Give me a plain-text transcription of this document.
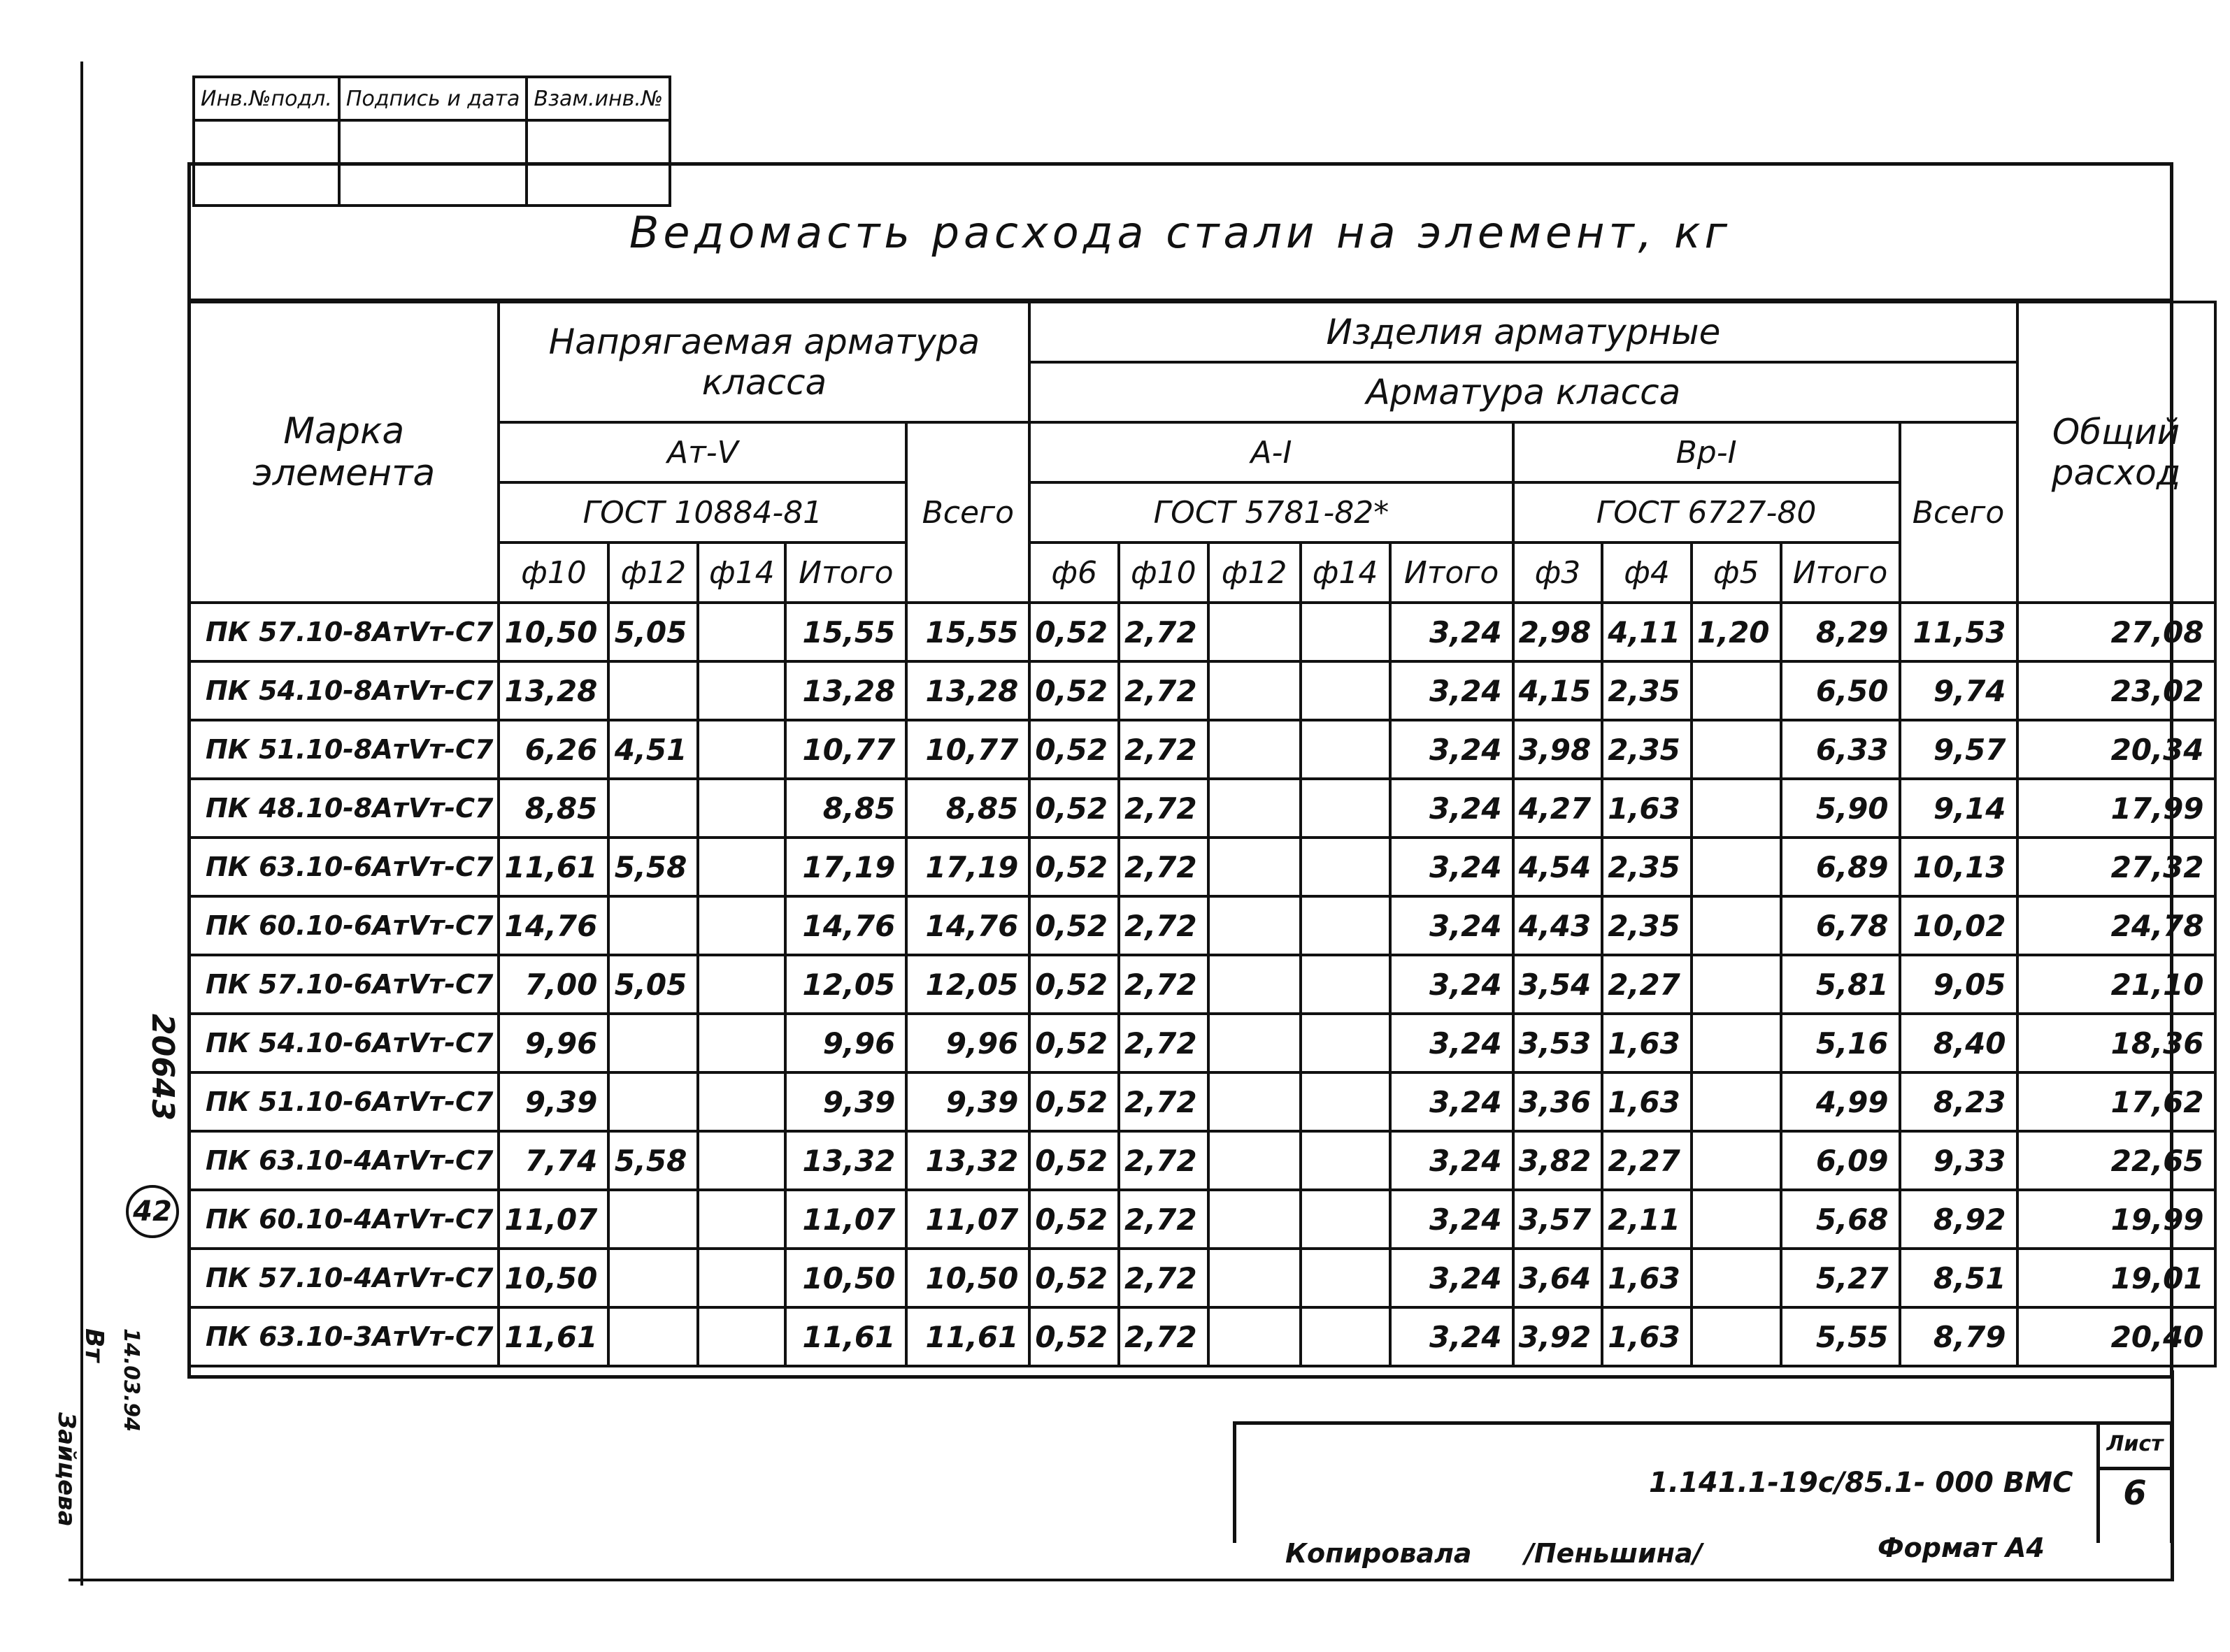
Инв.№подл.	Подпись и дата	Взам.инв.№

Ведомасть расхода стали на элемент, кг
Марка элемента	Напрягаемая арматура класса					Изделия арматурные										Общий расход
						Арматура класса										
	Ат-Ⅴ				Всего	А-Ⅰ					Вр-Ⅰ				Всего	
	ГОСТ 10884-81					ГОСТ 5781-82*					ГОСТ 6727-80					
	ф10	ф12	ф14	Итого		ф6	ф10	ф12	ф14	Итого	ф3	ф4	ф5	Итого		
ПК 57.10-8АтⅤт-С7	10,50	5,05		15,55	15,55	0,52	2,72			3,24	2,98	4,11	1,20	8,29	11,53	27,08
ПК 54.10-8АтⅤт-С7	13,28			13,28	13,28	0,52	2,72			3,24	4,15	2,35		6,50	9,74	23,02
ПК 51.10-8АтⅤт-С7	6,26	4,51		10,77	10,77	0,52	2,72			3,24	3,98	2,35		6,33	9,57	20,34
ПК 48.10-8АтⅤт-С7	8,85			8,85	8,85	0,52	2,72			3,24	4,27	1,63		5,90	9,14	17,99
ПК 63.10-6АтⅤт-С7	11,61	5,58		17,19	17,19	0,52	2,72			3,24	4,54	2,35		6,89	10,13	27,32
ПК 60.10-6АтⅤт-С7	14,76			14,76	14,76	0,52	2,72			3,24	4,43	2,35		6,78	10,02	24,78
ПК 57.10-6АтⅤт-С7	7,00	5,05		12,05	12,05	0,52	2,72			3,24	3,54	2,27		5,81	9,05	21,10
ПК 54.10-6АтⅤт-С7	9,96			9,96	9,96	0,52	2,72			3,24	3,53	1,63		5,16	8,40	18,36
ПК 51.10-6АтⅤт-С7	9,39			9,39	9,39	0,52	2,72			3,24	3,36	1,63		4,99	8,23	17,62
ПК 63.10-4АтⅤт-С7	7,74	5,58		13,32	13,32	0,52	2,72			3,24	3,82	2,27		6,09	9,33	22,65
ПК 60.10-4АтⅤт-С7	11,07			11,07	11,07	0,52	2,72			3,24	3,57	2,11		5,68	8,92	19,99
ПК 57.10-4АтⅤт-С7	10,50			10,50	10,50	0,52	2,72			3,24	3,64	1,63		5,27	8,51	19,01
ПК 63.10-3АтⅤт-С7	11,61			11,61	11,61	0,52	2,72			3,24	3,92	1,63		5,55	8,79	20,40
1.141.1-19с/85.1- 000 ВМС
Лист
6
Копировала /Пеньшина/	Формат А4
20643
42
14.03.94
Вт
Зайцева
